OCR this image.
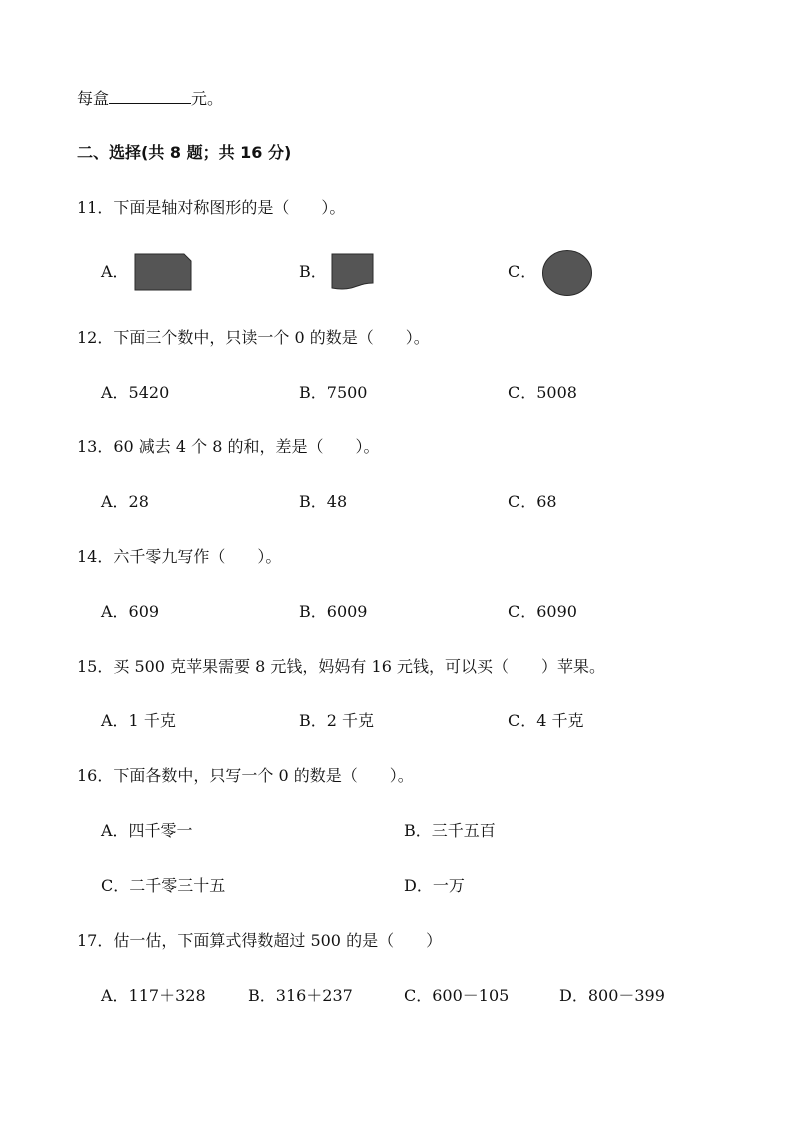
每盒	元。
二、选择(共 8 题；共 16 分)
11．下面是轴对称图形的是（　　）。
A．	B．	C．
12．下面三个数中，只读一个 0 的数是（　　）。
A．5420	B．7500	C．5008
13．60 减去 4 个 8 的和，差是（　　）。
A．28	B．48	C．68
14．六千零九写作（　　）。
A．609	B．6009	C．6090
15．买 500 克苹果需要 8 元钱，妈妈有 16 元钱，可以买（　　）苹果。
A．1 千克	B．2 千克	C．4 千克
16．下面各数中，只写一个 0 的数是（　　）。
A．四千零一	B．三千五百
C．二千零三十五	D．一万
17．估一估，下面算式得数超过 500 的是（　　）
A．117＋328	B．316＋237	C．600－105	D．800－399
